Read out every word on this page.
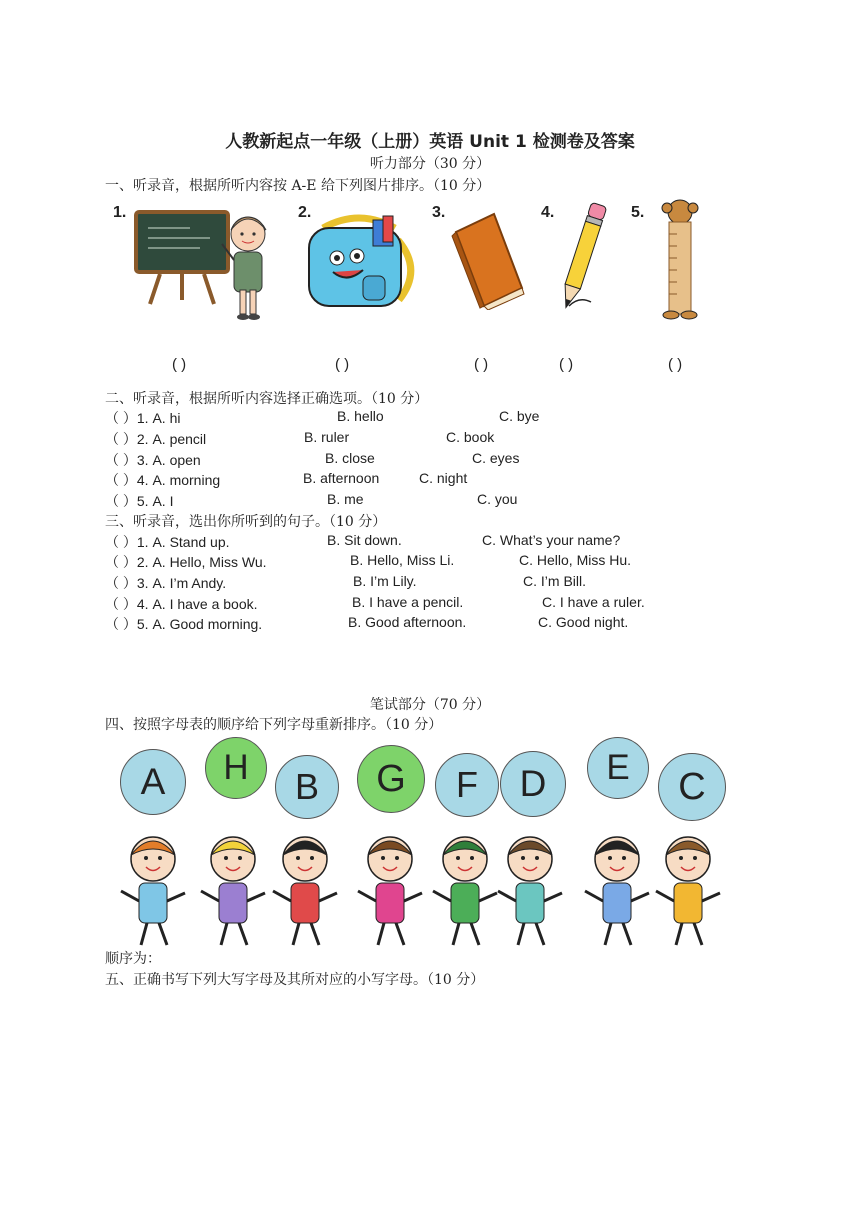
人教新起点一年级（上册）英语 Unit 1 检测卷及答案
听力部分（30 分）
一、听录音，根据所听内容按 A-E 给下列图片排序。（10 分）
1.	2.	3.	4.	5.
( )	( )	( )	( )	( )
二、听录音，根据所听内容选择正确选项。（10 分）
（ ）1. A. hi	B. hello	C. bye
（ ）2. A. pencil	B. ruler	C. book
（ ）3. A. open	B. close	C. eyes
（ ）4. A. morning	B. afternoon	C. night
（ ）5. A. I	B. me	C. you
三、听录音，选出你所听到的句子。（10 分）
（ ）1. A. Stand up.	B. Sit down.	C. What’s your name?
（ ）2. A. Hello, Miss Wu.	B. Hello, Miss Li.	C. Hello, Miss Hu.
（ ）3. A. I’m Andy.	B. I’m Lily.	C. I’m Bill.
（ ）4. A. I have a book.	B. I have a pencil.	C. I have a ruler.
（ ）5. A. Good morning.	B. Good afternoon.	C. Good night.
笔试部分（70 分）
四、按照字母表的顺序给下列字母重新排序。（10 分）
A	H	B	G	F	D	E	C
顺序为：
五、正确书写下列大写字母及其所对应的小写字母。（10 分）
